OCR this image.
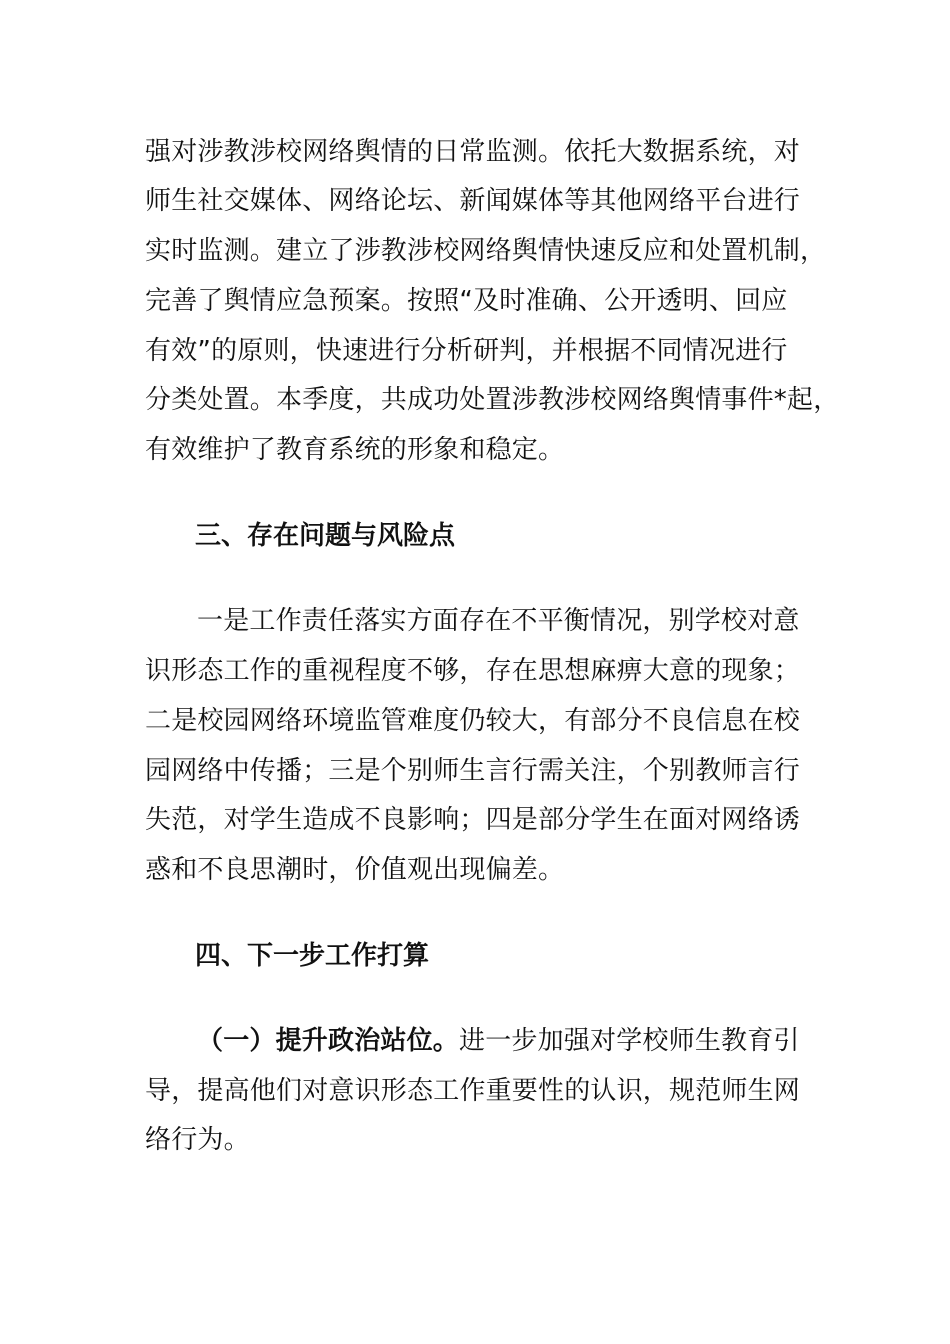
强对涉教涉校网络舆情的日常监测。依托大数据系统，对
师生社交媒体、网络论坛、新闻媒体等其他网络平台进行
实时监测。建立了涉教涉校网络舆情快速反应和处置机制，
完善了舆情应急预案。按照“及时准确、公开透明、回应
有效”的原则，快速进行分析研判，并根据不同情况进行
分类处置。本季度，共成功处置涉教涉校网络舆情事件*起，
有效维护了教育系统的形象和稳定。
三、存在问题与风险点
一是工作责任落实方面存在不平衡情况，别学校对意
识形态工作的重视程度不够，存在思想麻痹大意的现象；
二是校园网络环境监管难度仍较大，有部分不良信息在校
园网络中传播；三是个别师生言行需关注，个别教师言行
失范，对学生造成不良影响；四是部分学生在面对网络诱
惑和不良思潮时，价值观出现偏差。
四、下一步工作打算
（一）提升政治站位。进一步加强对学校师生教育引
导，提高他们对意识形态工作重要性的认识，规范师生网
络行为。
